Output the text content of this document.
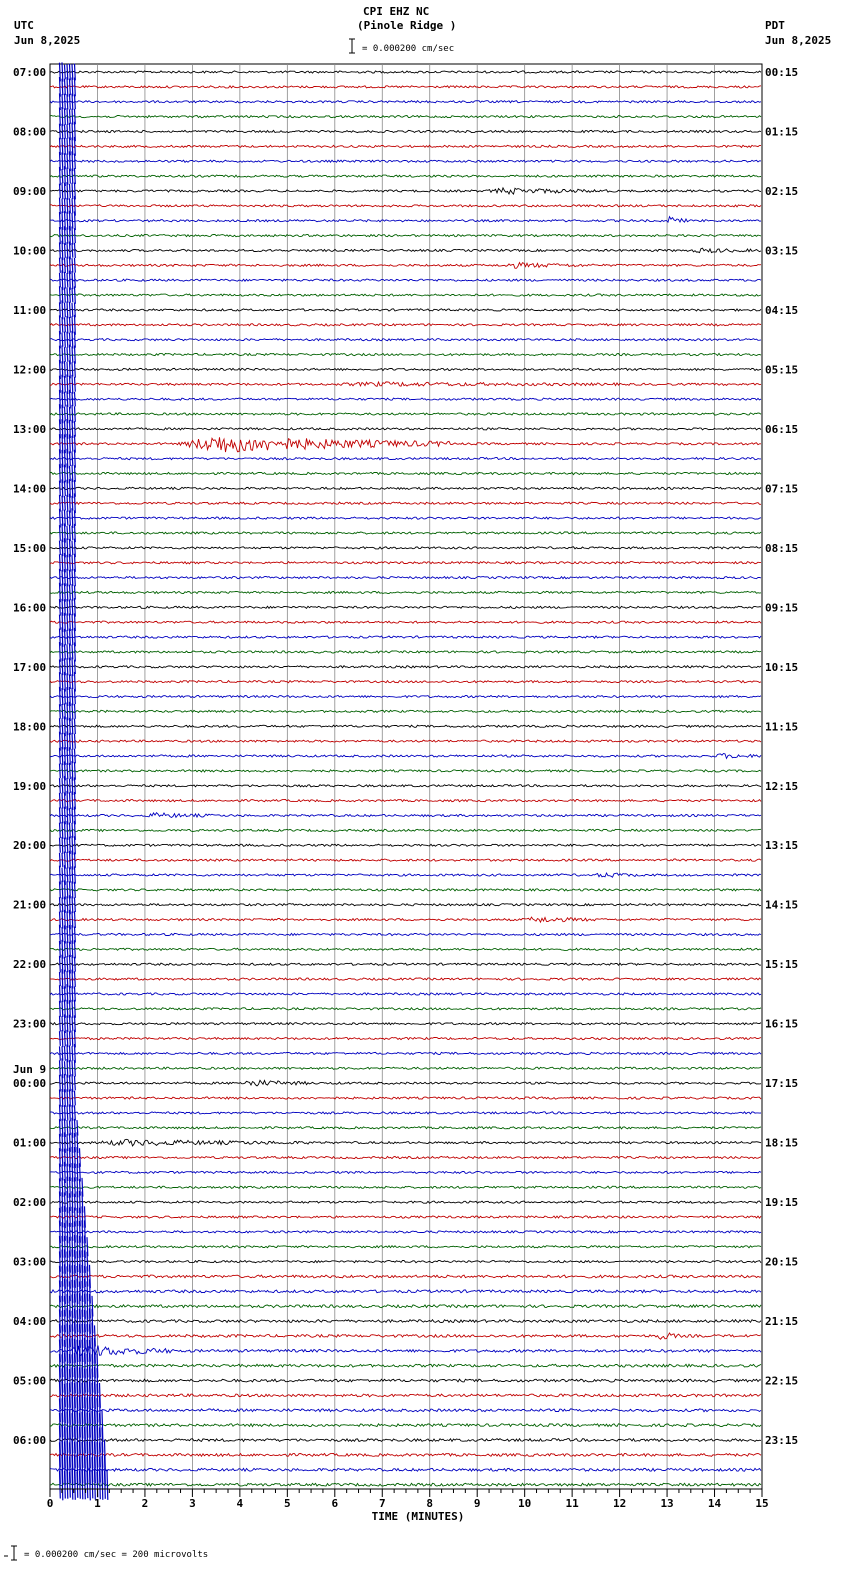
CPI EHZ NC
(Pinole Ridge )
UTC
Jun 8,2025
PDT
Jun 8,2025
= 0.000200 cm/sec
= 0.000200 cm/sec = 200 microvolts
0	1	2	3	4	5	6	7	8	9	10	11	12	13	14	15
07:00
08:00
09:00
10:00
11:00
12:00
13:00
14:00
15:00
16:00
17:00
18:00
19:00
20:00
21:00
22:00
23:00
00:00
01:00
02:00
03:00
04:00
05:00
06:00
00:15
01:15
02:15
03:15
04:15
05:15
06:15
07:15
08:15
09:15
10:15
11:15
12:15
13:15
14:15
15:15
16:15
17:15
18:15
19:15
20:15
21:15
22:15
23:15
Jun 9
TIME (MINUTES)
